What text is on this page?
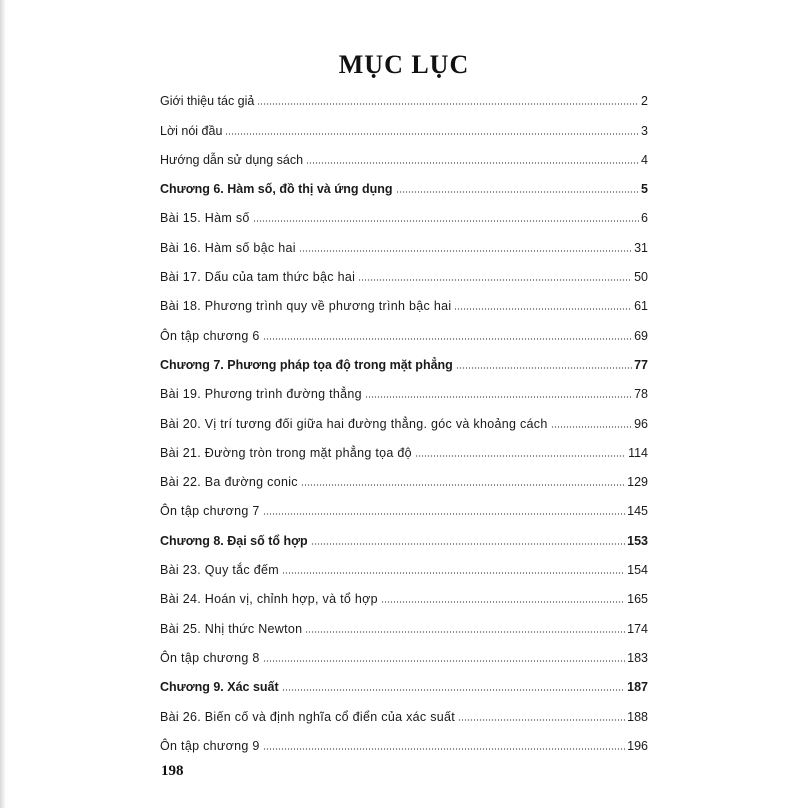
MỤC LỤC
Giới thiệu tác giả	2
Lời nói đầu	3
Hướng dẫn sử dụng sách	4
Chương 6. Hàm số, đồ thị và ứng dụng	5
Bài 15. Hàm số	6
Bài 16. Hàm số bậc hai	31
Bài 17. Dấu của tam thức bậc hai	50
Bài 18. Phương trình quy về phương trình bậc hai	61
Ôn tập chương 6	69
Chương 7. Phương pháp tọa độ trong mặt phẳng	77
Bài 19. Phương trình đường thẳng	78
Bài 20. Vị trí tương đối giữa hai đường thẳng. góc và khoảng cách	96
Bài 21. Đường tròn trong mặt phẳng tọa độ	114
Bài 22. Ba đường conic	129
Ôn tập chương 7	145
Chương 8. Đại số tổ hợp	153
Bài 23. Quy tắc đếm	154
Bài 24. Hoán vị, chỉnh hợp, và tổ hợp	165
Bài 25. Nhị thức Newton	174
Ôn tập chương 8	183
Chương 9. Xác suất	187
Bài 26. Biến cố và định nghĩa cổ điển của xác suất	188
Ôn tập chương 9	196
198
